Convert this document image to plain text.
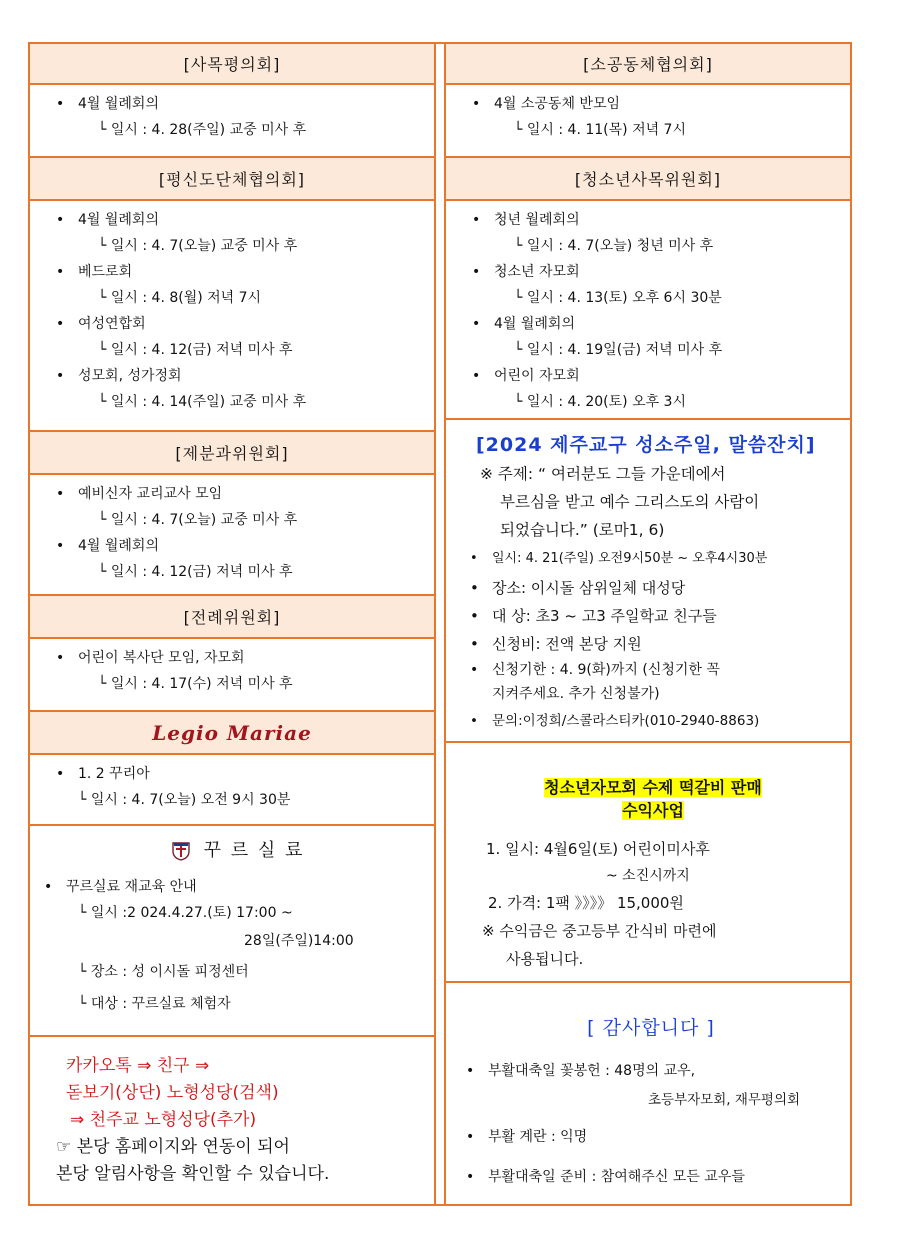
[사목평의회]
• 4월 월례회의
└ 일시 : 4. 28(주일) 교중 미사 후
[평신도단체협의회]
• 4월 월례회의
└ 일시 : 4. 7(오늘) 교중 미사 후
• 베드로회
└ 일시 : 4. 8(월) 저녁 7시
• 여성연합회
└ 일시 : 4. 12(금) 저녁 미사 후
• 성모회, 성가정회
└ 일시 : 4. 14(주일) 교중 미사 후
[제분과위원회]
• 예비신자 교리교사 모임
└ 일시 : 4. 7(오늘) 교중 미사 후
• 4월 월례회의
└ 일시 : 4. 12(금) 저녁 미사 후
[전례위원회]
• 어린이 복사단 모임, 자모회
└ 일시 : 4. 17(수) 저녁 미사 후
Legio Mariae
• 1. 2 꾸리아
└ 일시 : 4. 7(오늘) 오전 9시 30분
꾸 르 실 료
• 꾸르실료 재교육 안내
└ 일시 :2 024.4.27.(토) 17:00 ~
28일(주일)14:00
└ 장소 : 성 이시돌 피정센터
└ 대상 : 꾸르실료 체험자
카카오톡 ⇒ 친구 ⇒
돋보기(상단) 노형성당(검색)
⇒ 천주교 노형성당(추가)
☞ 본당 홈페이지와 연동이 되어
본당 알림사항을 확인할 수 있습니다.
[소공동체협의회]
• 4월 소공동체 반모임
└ 일시 : 4. 11(목) 저녁 7시
[청소년사목위원회]
• 청년 월례회의
└ 일시 : 4. 7(오늘) 청년 미사 후
• 청소년 자모회
└ 일시 : 4. 13(토) 오후 6시 30분
• 4월 월례회의
└ 일시 : 4. 19일(금) 저녁 미사 후
• 어린이 자모회
└ 일시 : 4. 20(토) 오후 3시
[2024 제주교구 성소주일, 말씀잔치]
※ 주제: “ 여러분도 그들 가운데에서
부르심을 받고 예수 그리스도의 사람이
되었습니다.” (로마1, 6)
• 일시: 4. 21(주일) 오전9시50분 ~ 오후4시30분
• 장소: 이시돌 삼위일체 대성당
• 대 상: 초3 ~ 고3 주일학교 친구들
• 신청비: 전액 본당 지원
• 신청기한 : 4. 9(화)까지 (신청기한 꼭
지켜주세요. 추가 신청불가)
• 문의:이정희/스콜라스티카(010-2940-8863)
청소년자모회 수제 떡갈비 판매
수익사업
1. 일시: 4월6일(토) 어린이미사후
~ 소진시까지
2. 가격: 1팩 》》》》 15,000원
※ 수익금은 중고등부 간식비 마련에
사용됩니다.
[ 감사합니다 ]
• 부활대축일 꽃봉헌 : 48명의 교우,
초등부자모회, 재무평의회
• 부활 계란 : 익명
• 부활대축일 준비 : 참여해주신 모든 교우들
